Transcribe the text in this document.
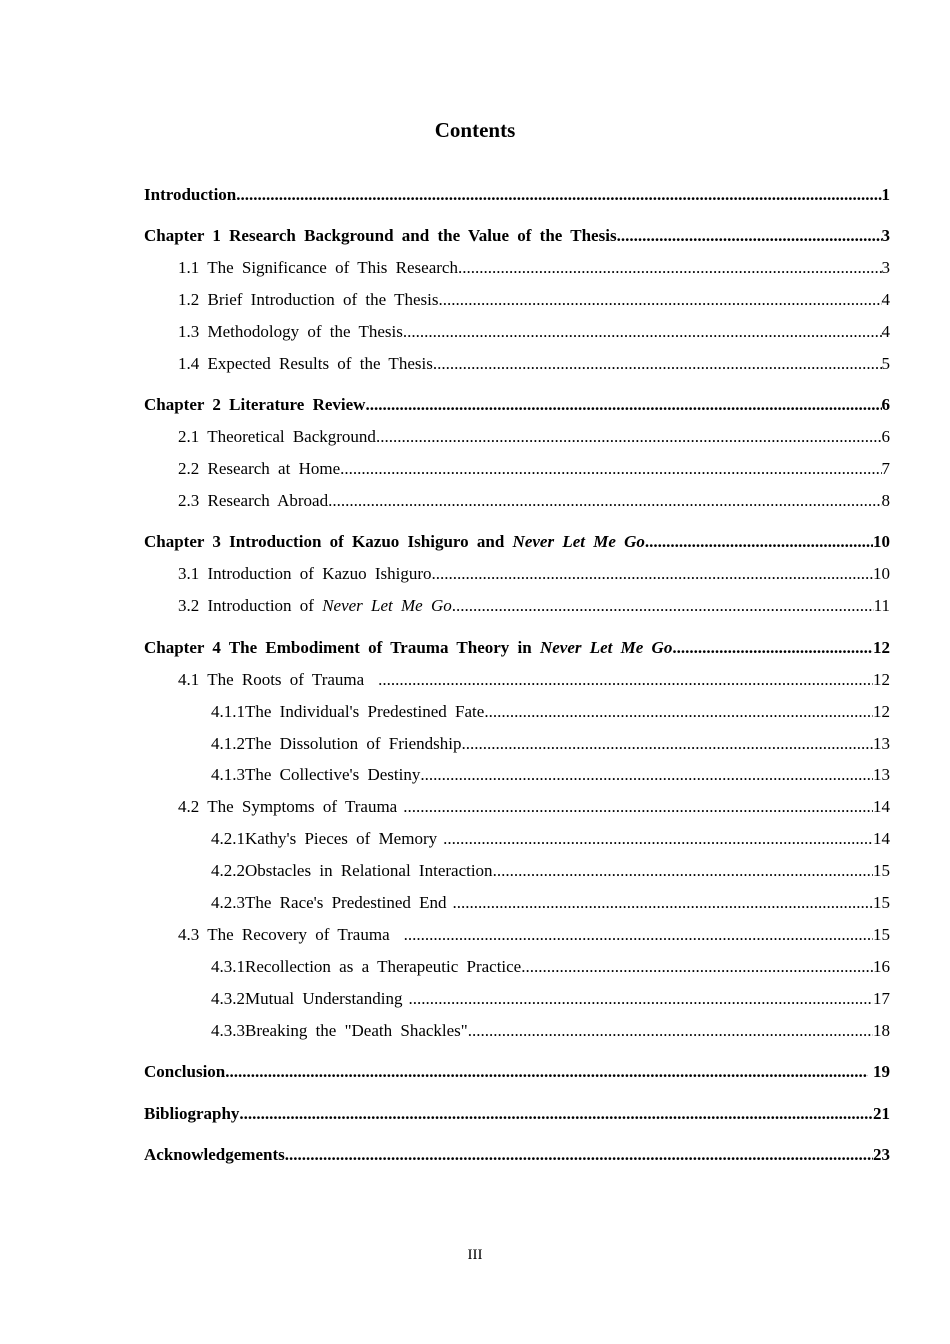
Contents
Introduction .....	1
Chapter 1 Research Background and the Value of the Thesis .....	3
1.1 The Significance of This Research .....	3
1.2 Brief Introduction of the Thesis .....	4
1.3 Methodology of the Thesis .....	4
1.4 Expected Results of the Thesis .....	5
Chapter 2 Literature Review .....	6
2.1 Theoretical Background .....	6
2.2 Research at Home .....	7
2.3 Research Abroad .....	8
Chapter 3 Introduction of Kazuo Ishiguro and Never Let Me Go .....	10
3.1 Introduction of Kazuo Ishiguro .....	10
3.2 Introduction of Never Let Me Go .....	11
Chapter 4 The Embodiment of Trauma Theory in Never Let Me Go .....	12
4.1 The Roots of Trauma .....	12
4.1.1The Individual's Predestined Fate .....	12
4.1.2The Dissolution of Friendship .....	13
4.1.3The Collective's Destiny .....	13
4.2 The Symptoms of Trauma .....	14
4.2.1Kathy's Pieces of Memory .....	14
4.2.2Obstacles in Relational Interaction .....	15
4.2.3The Race's Predestined End .....	15
4.3 The Recovery of Trauma .....	15
4.3.1Recollection as a Therapeutic Practice .....	16
4.3.2Mutual Understanding .....	17
4.3.3Breaking the "Death Shackles" .....	18
Conclusion .....	19
Bibliography .....	21
Acknowledgements .....	23
III
